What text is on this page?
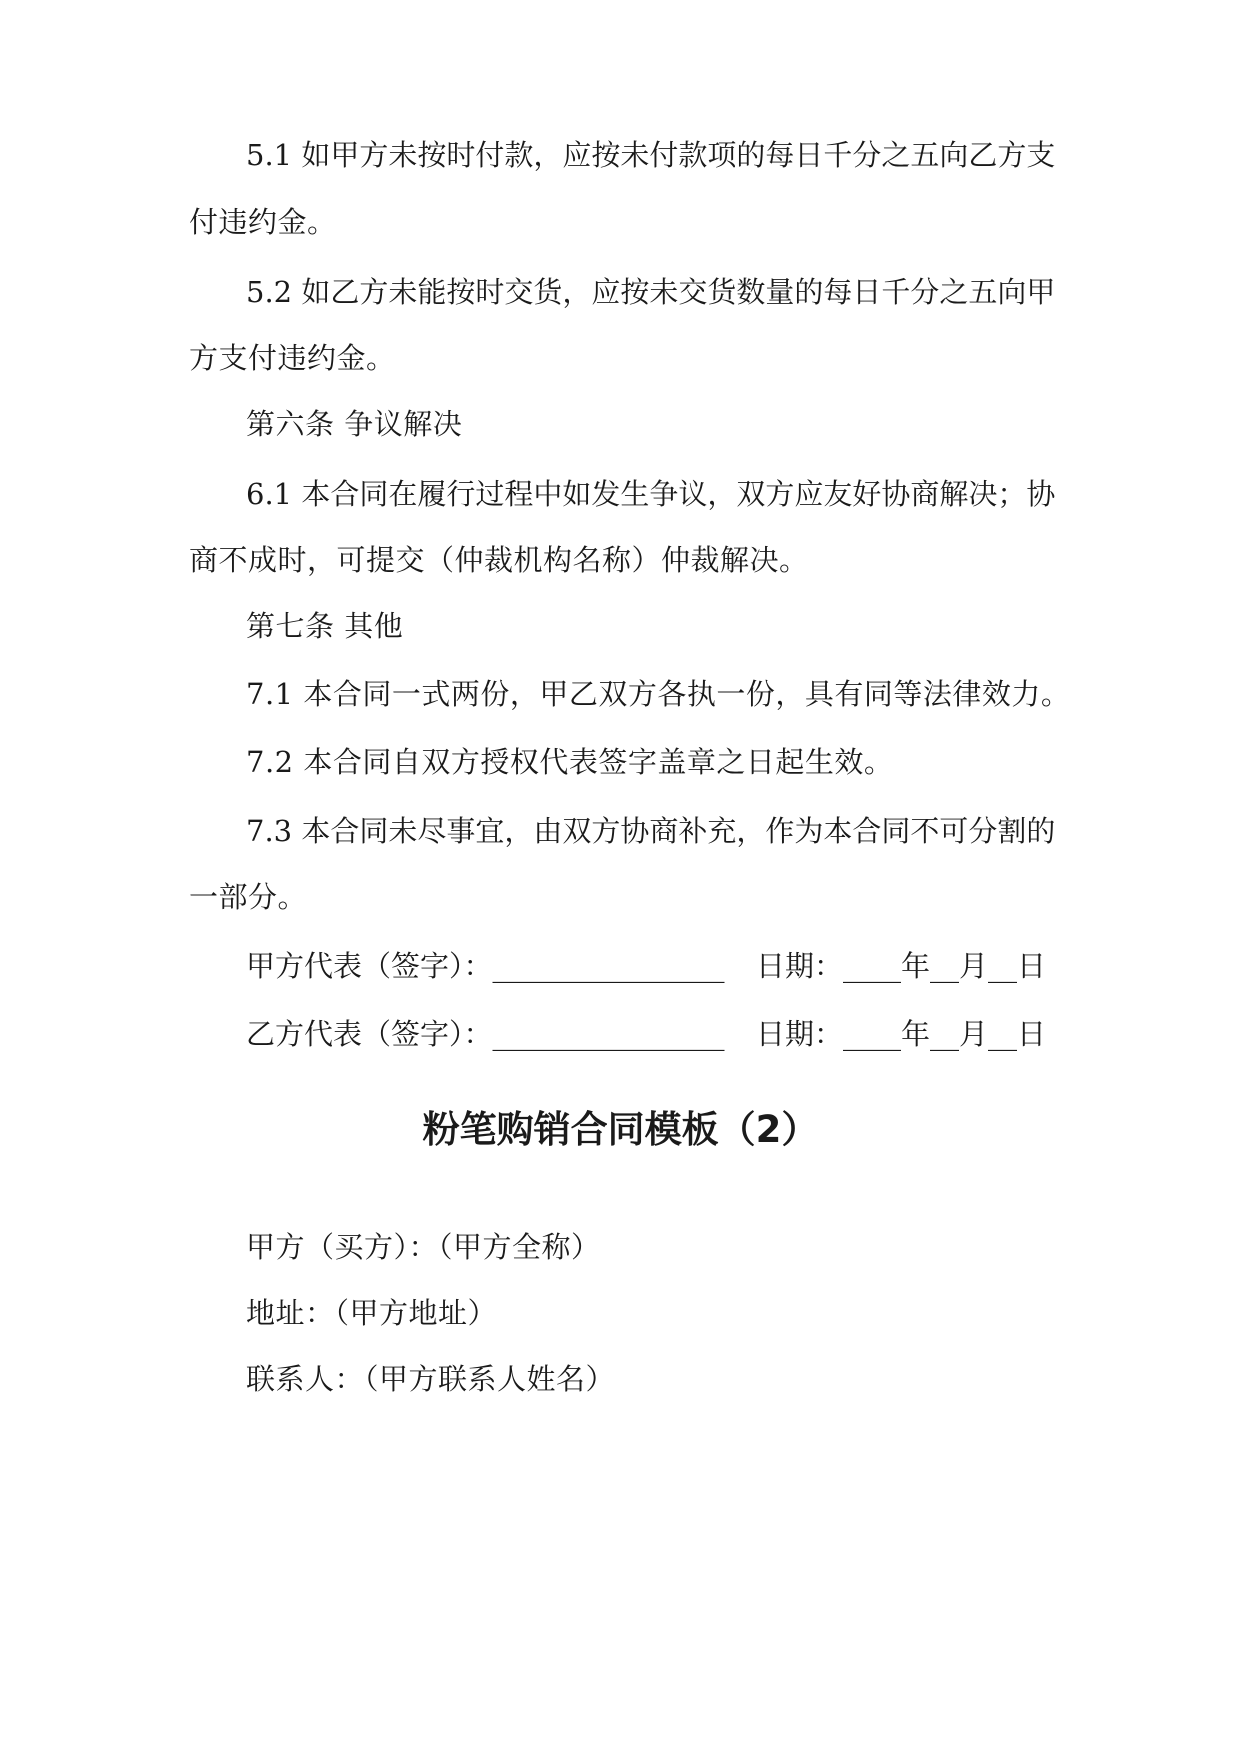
5.1 如甲方未按时付款，应按未付款项的每日千分之五向乙方支
付违约金。
5.2 如乙方未能按时交货，应按未交货数量的每日千分之五向甲
方支付违约金。
第六条 争议解决
6.1 本合同在履行过程中如发生争议，双方应友好协商解决；协
商不成时，可提交（仲裁机构名称）仲裁解决。
第七条 其他
7.1 本合同一式两份，甲乙双方各执一份，具有同等法律效力。
7.2 本合同自双方授权代表签字盖章之日起生效。
7.3 本合同未尽事宜，由双方协商补充，作为本合同不可分割的
一部分。
甲方代表（签字）：________________ 日期：____年__月__日
乙方代表（签字）：________________ 日期：____年__月__日
粉笔购销合同模板（2）
甲方（买方）：（甲方全称）
地址：（甲方地址）
联系人：（甲方联系人姓名）
